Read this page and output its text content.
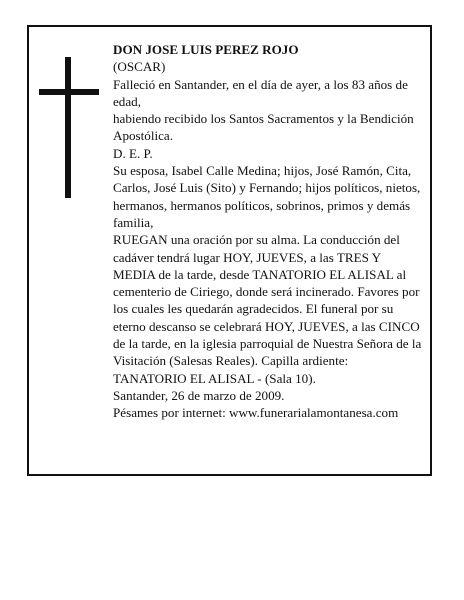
DON JOSE LUIS PEREZ ROJO

(OSCAR)

Falleció en Santander, en el día de ayer, a los 83 años de edad,

habiendo recibido los Santos Sacramentos y la Bendición Apostólica.

D. E. P.

Su esposa, Isabel Calle Medina; hijos, José Ramón, Cita, Carlos, José Luis (Sito) y Fernando; hijos políticos, nietos, hermanos, hermanos políticos, sobrinos, primos y demás familia,

RUEGAN una oración por su alma. La conducción del cadáver tendrá lugar HOY, JUEVES, a las TRES Y MEDIA de la tarde, desde TANATORIO EL ALISAL al cementerio de Ciriego, donde será incinerado. Favores por los cuales les quedarán agradecidos. El funeral por su eterno descanso se celebrará HOY, JUEVES, a las CINCO de la tarde, en la iglesia parroquial de Nuestra Señora de la Visitación (Salesas Reales). Capilla ardiente: TANATORIO EL ALISAL - (Sala 10).

Santander, 26 de marzo de 2009.

Pésames por internet: www.funerarialamontanesa.com
